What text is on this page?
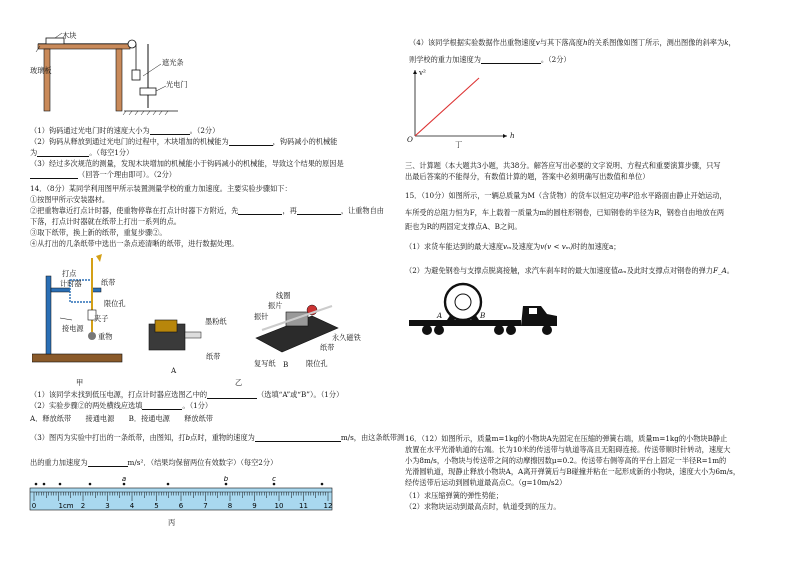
木块
玻璃板
遮光条
光电门
（1）钩码通过光电门时的速度大小为	。（2分）
（2）钩码从释放到通过光电门的过程中，木块增加的机械能为	，钩码减小的机械能
为	。（每空1分）
（3）经过多次规范的测量，发现木块增加的机械能小于钩码减小的机械能，导致这个结果的原因是
（回答一个理由即可）。（2分）
14．（8分）某同学利用图甲所示装置测量学校的重力加速度。主要实验步骤如下：
①按图甲所示安装器材。
②把重物靠近打点计时器，使重物停靠在打点计时器下方附近，先	，再	，让重物自由
下落，打点计时器就在纸带上打出一系列的点。
③取下纸带，换上新的纸带，重复步骤②。
④从打出的几条纸带中选出一条点迹清晰的纸带，进行数据处理。
打点
计时器	纸带
限位孔
夹子
接电源
重物
甲
墨粉纸
纸带
A
线圈
振片
振针
永久磁铁
纸带
复写纸	限位孔
B
乙
（1）该同学未找到低压电源，打点计时器应选图乙中的	（选填“A”或“B”）。（1分）
（2）实验步骤②的两处横线应选填	。（1分）
A．释放纸带　　接通电源　　B．接通电源　　释放纸带
（3）图丙为实验中打出的一条纸带，由图知，打b点时，重物的速度为	m/s，由这条纸带测
出的重力加速度为	m/s²．（结果均保留两位有效数字）（每空2分）
0	1cm 2	3	4	5	6	7	8	9	10 11 12
a	b	c
丙
（4）该同学根据实验数据作出重物速度v与其下落高度h的关系图像如图丁所示，测出图像的斜率为k，
则学校的重力加速度为	。（2分）
v²
h
O
丁
三、计算题（本大题共3小题，共38分。解答应写出必要的文字说明、方程式和重要演算步骤，只写
出最后答案的不能得分，有数值计算的题，答案中必须明确写出数值和单位）
15．（10分）如图所示，一辆总质量为M（含货物）的货车以恒定功率P沿水平路面由静止开始运动，
车所受的总阻力恒为F，车上载着一质量为m的圆柱形钢卷，已知钢卷的半径为R，钢卷自由地放在两
距也为R的两固定支撑点A、B之间。
（1）求货车能达到的最大速度vₘ及速度为v(v < vₘ)时的加速度a；
（2）为避免钢卷与支撑点脱离接触，求汽车刹车时的最大加速度值aₘ及此时支撑点对钢卷的弹力F_A。
A	B
16．（12）如图所示，质量m=1kg的小物块A先固定在压缩的弹簧右端，质量m=1kg的小物块B静止
放置在水平光滑轨道的右端。长为10米的传送带与轨道等高且无阻碍连接。传送带顺时针转动，速度大
小为8m/s，小物块与传送带之间的动摩擦因数μ=0.2。传送带右侧等高的平台上固定一半径R=1m的
光滑圆轨道，现静止释放小物块A，A离开弹簧后与B碰撞并粘在一起形成新的小物块，速度大小为6m/s，
经传送带后运动到圆轨道最高点C。（g=10m/s2）
（1）求压缩弹簧的弹性势能；
（2）求物块运动到最高点时，轨道受到的压力。
